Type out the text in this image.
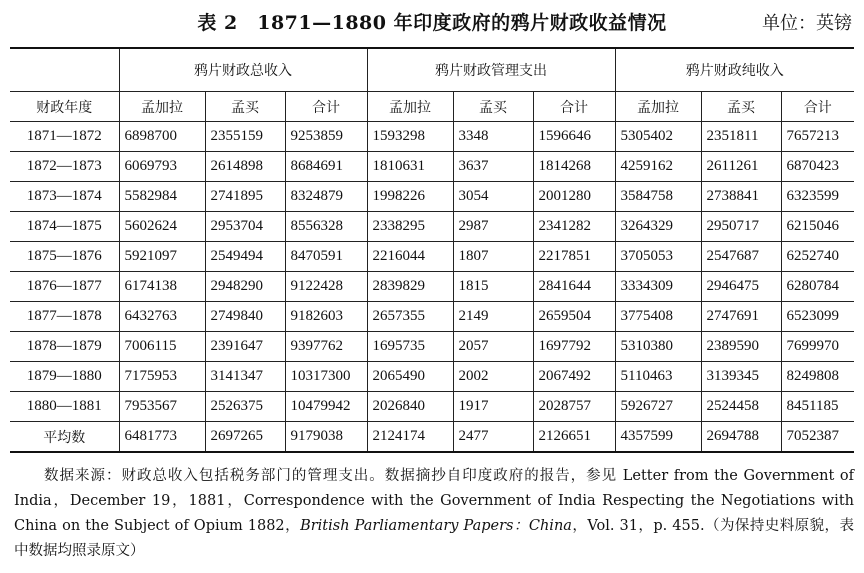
表 2　1871—1880 年印度政府的鸦片财政收益情况	单位：英镑
	鸦片财政总收入			鸦片财政管理支出			鸦片财政纯收入		
财政年度	孟加拉	孟买	合计	孟加拉	孟买	合计	孟加拉	孟买	合计
1871—1872	6898700	2355159	9253859	1593298	3348	1596646	5305402	2351811	7657213
1872—1873	6069793	2614898	8684691	1810631	3637	1814268	4259162	2611261	6870423
1873—1874	5582984	2741895	8324879	1998226	3054	2001280	3584758	2738841	6323599
1874—1875	5602624	2953704	8556328	2338295	2987	2341282	3264329	2950717	6215046
1875—1876	5921097	2549494	8470591	2216044	1807	2217851	3705053	2547687	6252740
1876—1877	6174138	2948290	9122428	2839829	1815	2841644	3334309	2946475	6280784
1877—1878	6432763	2749840	9182603	2657355	2149	2659504	3775408	2747691	6523099
1878—1879	7006115	2391647	9397762	1695735	2057	1697792	5310380	2389590	7699970
1879—1880	7175953	3141347	10317300	2065490	2002	2067492	5110463	3139345	8249808
1880—1881	7953567	2526375	10479942	2026840	1917	2028757	5926727	2524458	8451185
平均数	6481773	2697265	9179038	2124174	2477	2126651	4357599	2694788	7052387

数据来源：财政总收入包括税务部门的管理支出。数据摘抄自印度政府的报告，参见 Letter from the Government of India，December 19，1881，Correspondence with the Government of India Respecting the Negotiations with China on the Subject of Opium 1882，British Parliamentary Papers：China，Vol. 31，p. 455.（为保持史料原貌，表中数据均照录原文）
